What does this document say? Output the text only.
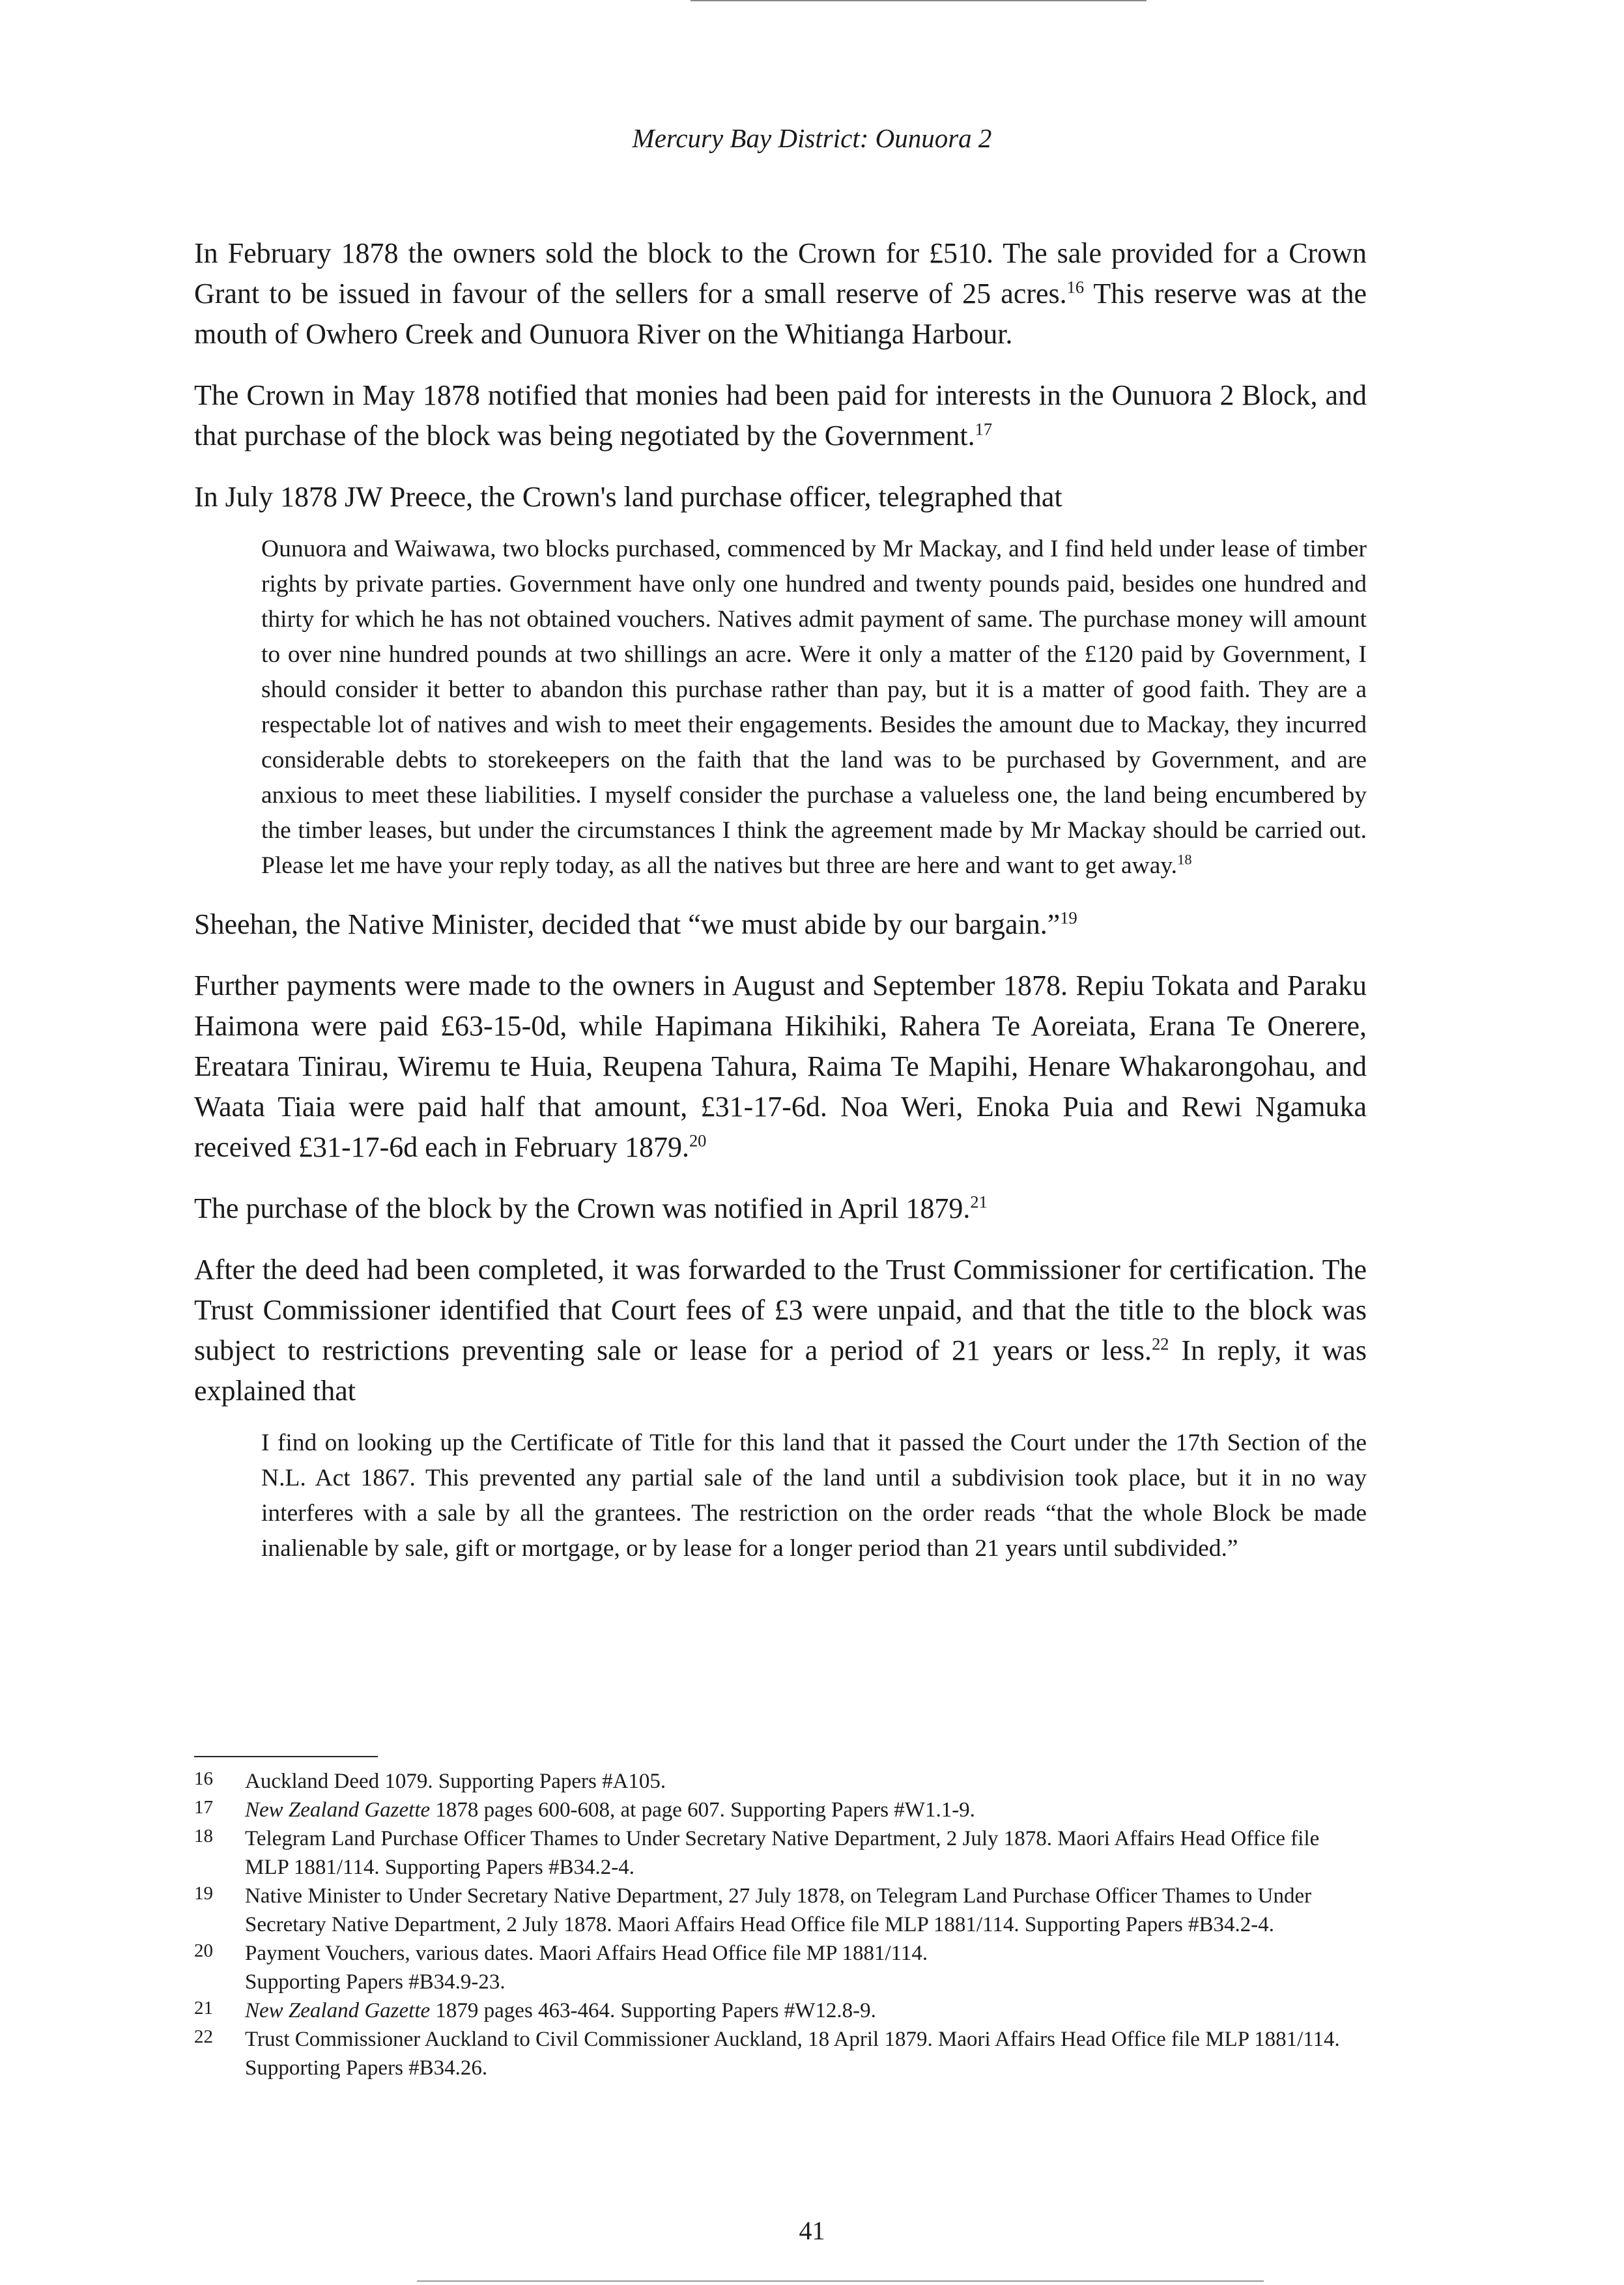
Mercury Bay District: Ounuora 2

In February 1878 the owners sold the block to the Crown for £510. The sale provided for a Crown Grant to be issued in favour of the sellers for a small reserve of 25 acres.$^{16}$ This reserve was at the mouth of Owhero Creek and Ounuora River on the Whitianga Harbour.

The Crown in May 1878 notified that monies had been paid for interests in the Ounuora 2 Block, and that purchase of the block was being negotiated by the Government.$^{17}$

In July 1878 JW Preece, the Crown's land purchase officer, telegraphed that

Ounuora and Waiwawa, two blocks purchased, commenced by Mr Mackay, and I find held under lease of timber rights by private parties. Government have only one hundred and twenty pounds paid, besides one hundred and thirty for which he has not obtained vouchers. Natives admit payment of same. The purchase money will amount to over nine hundred pounds at two shillings an acre. Were it only a matter of the £120 paid by Government, I should consider it better to abandon this purchase rather than pay, but it is a matter of good faith. They are a respectable lot of natives and wish to meet their engagements. Besides the amount due to Mackay, they incurred considerable debts to storekeepers on the faith that the land was to be purchased by Government, and are anxious to meet these liabilities. I myself consider the purchase a valueless one, the land being encumbered by the timber leases, but under the circumstances I think the agreement made by Mr Mackay should be carried out. Please let me have your reply today, as all the natives but three are here and want to get away.$^{18}$

Sheehan, the Native Minister, decided that “we must abide by our bargain.”$^{19}$

Further payments were made to the owners in August and September 1878. Repiu Tokata and Paraku Haimona were paid £63-15-0d, while Hapimana Hikihiki, Rahera Te Aoreiata, Erana Te Onerere, Ereatara Tinirau, Wiremu te Huia, Reupena Tahura, Raima Te Mapihi, Henare Whakarongohau, and Waata Tiaia were paid half that amount, £31-17-6d. Noa Weri, Enoka Puia and Rewi Ngamuka received £31-17-6d each in February 1879.20

The purchase of the block by the Crown was notified in April 1879.21

After the deed had been completed, it was forwarded to the Trust Commissioner for certification. The Trust Commissioner identified that Court fees of £3 were unpaid, and that the title to the block was subject to restrictions preventing sale or lease for a period of 21 years or less.$^{22}$ In reply, it was explained that

I find on looking up the Certificate of Title for this land that it passed the Court under the 17th Section of the N.L. Act 1867. This prevented any partial sale of the land until a subdivision took place, but it in no way interferes with a sale by all the grantees. The restriction on the order reads “that the whole Block be made inalienable by sale, gift or mortgage, or by lease for a longer period than 21 years until subdivided.”

16 Auckland Deed 1079. Supporting Papers #A105.
17 New Zealand Gazette 1878 pages 600-608, at page 607. Supporting Papers #W1.1-9.
18 Telegram Land Purchase Officer Thames to Under Secretary Native Department, 2 July 1878. Maori Affairs Head Office file MLP 1881/114. Supporting Papers #B34.2-4.
19 Native Minister to Under Secretary Native Department, 27 July 1878, on Telegram Land Purchase Officer Thames to Under Secretary Native Department, 2 July 1878. Maori Affairs Head Office file MLP 1881/114. Supporting Papers #B34.2-4.
20 Payment Vouchers, various dates. Maori Affairs Head Office file MP 1881/114.
Supporting Papers #B34.9-23.
21 New Zealand Gazette 1879 pages 463-464. Supporting Papers #W12.8-9.
22 Trust Commissioner Auckland to Civil Commissioner Auckland, 18 April 1879. Maori Affairs Head Office file MLP 1881/114. Supporting Papers #B34.26.
41
